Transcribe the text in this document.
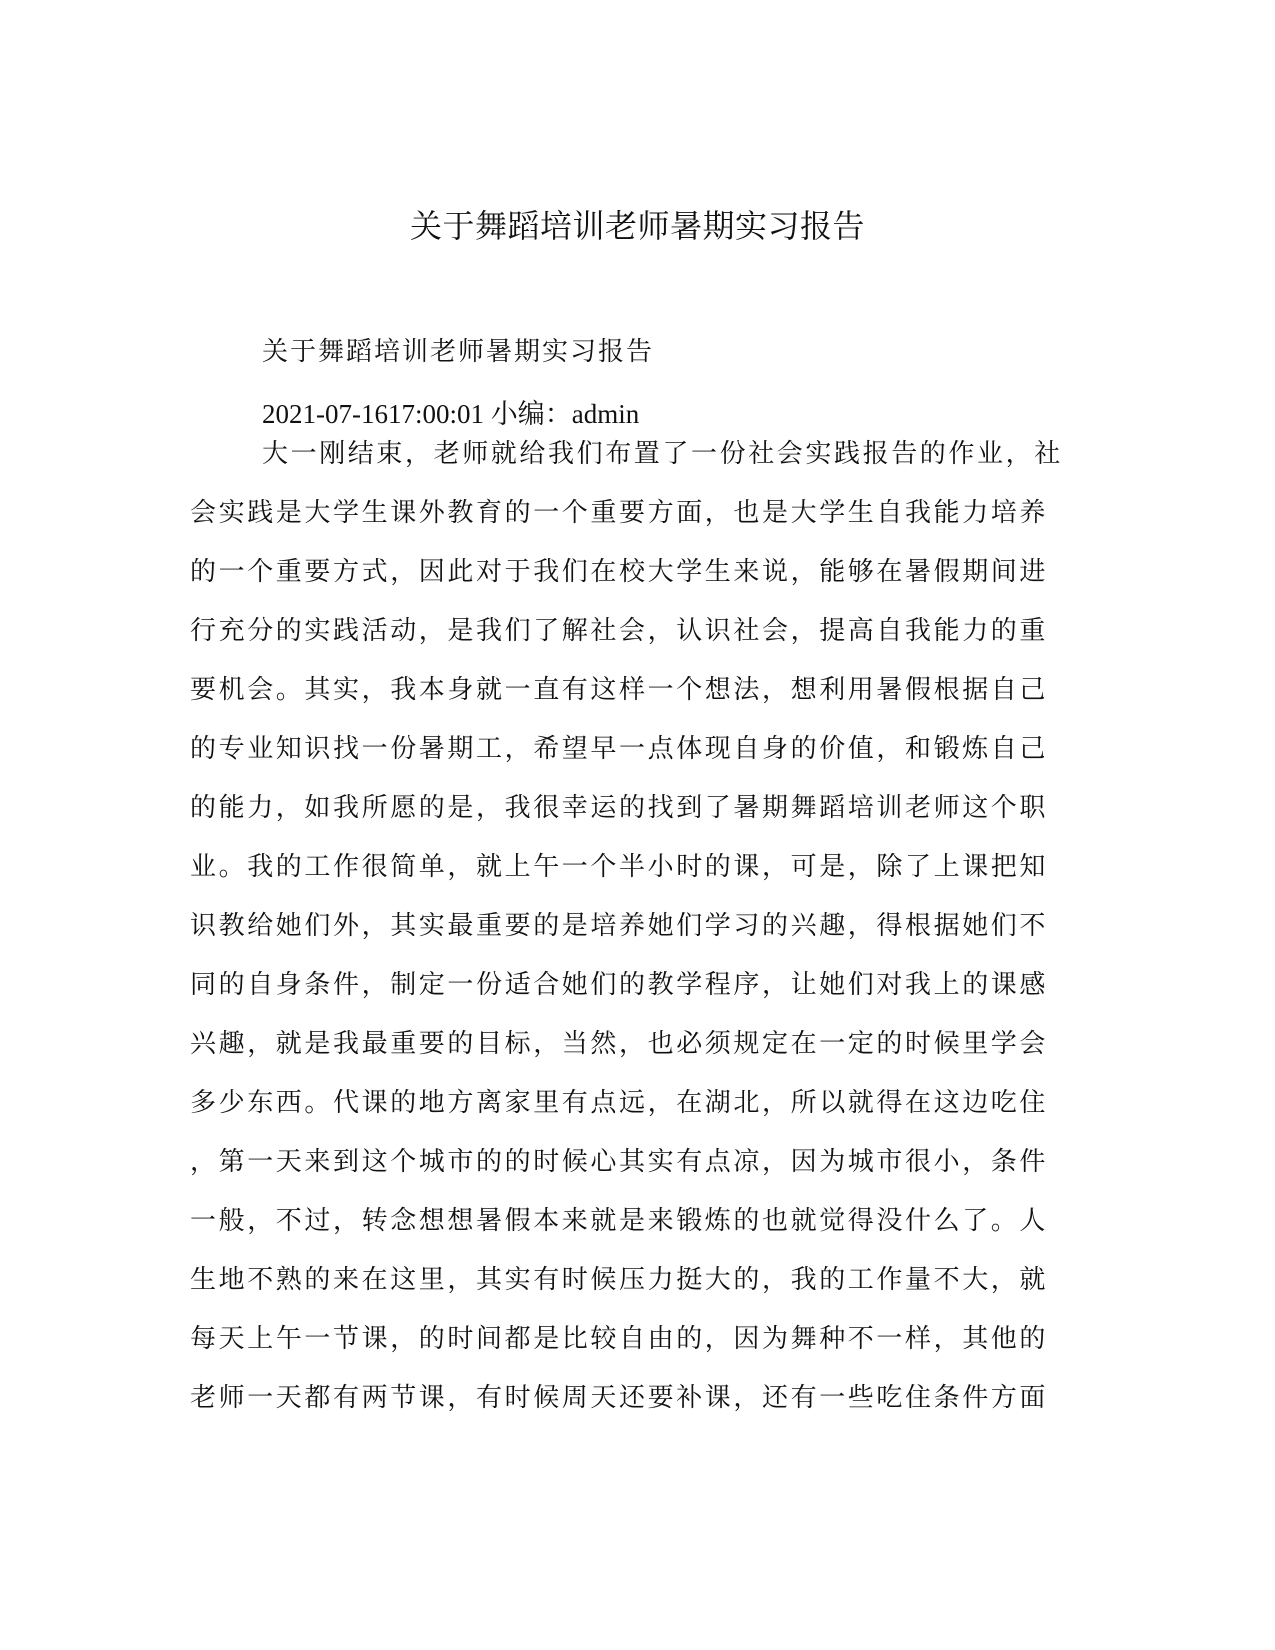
关于舞蹈培训老师暑期实习报告

关于舞蹈培训老师暑期实习报告

2021-07-1617:00:01 小编：admin

大一刚结束，老师就给我们布置了一份社会实践报告的作业，社
会实践是大学生课外教育的一个重要方面，也是大学生自我能力培养
的一个重要方式，因此对于我们在校大学生来说，能够在暑假期间进
行充分的实践活动，是我们了解社会，认识社会，提高自我能力的重
要机会。其实，我本身就一直有这样一个想法，想利用暑假根据自己
的专业知识找一份暑期工，希望早一点体现自身的价值，和锻炼自己
的能力，如我所愿的是，我很幸运的找到了暑期舞蹈培训老师这个职
业。我的工作很简单，就上午一个半小时的课，可是，除了上课把知
识教给她们外，其实最重要的是培养她们学习的兴趣，得根据她们不
同的自身条件，制定一份适合她们的教学程序，让她们对我上的课感
兴趣，就是我最重要的目标，当然，也必须规定在一定的时候里学会
多少东西。代课的地方离家里有点远，在湖北，所以就得在这边吃住
，第一天来到这个城市的的时候心其实有点凉，因为城市很小，条件
一般，不过，转念想想暑假本来就是来锻炼的也就觉得没什么了。人
生地不熟的来在这里，其实有时候压力挺大的，我的工作量不大，就
每天上午一节课，的时间都是比较自由的，因为舞种不一样，其他的
老师一天都有两节课，有时候周天还要补课，还有一些吃住条件方面
